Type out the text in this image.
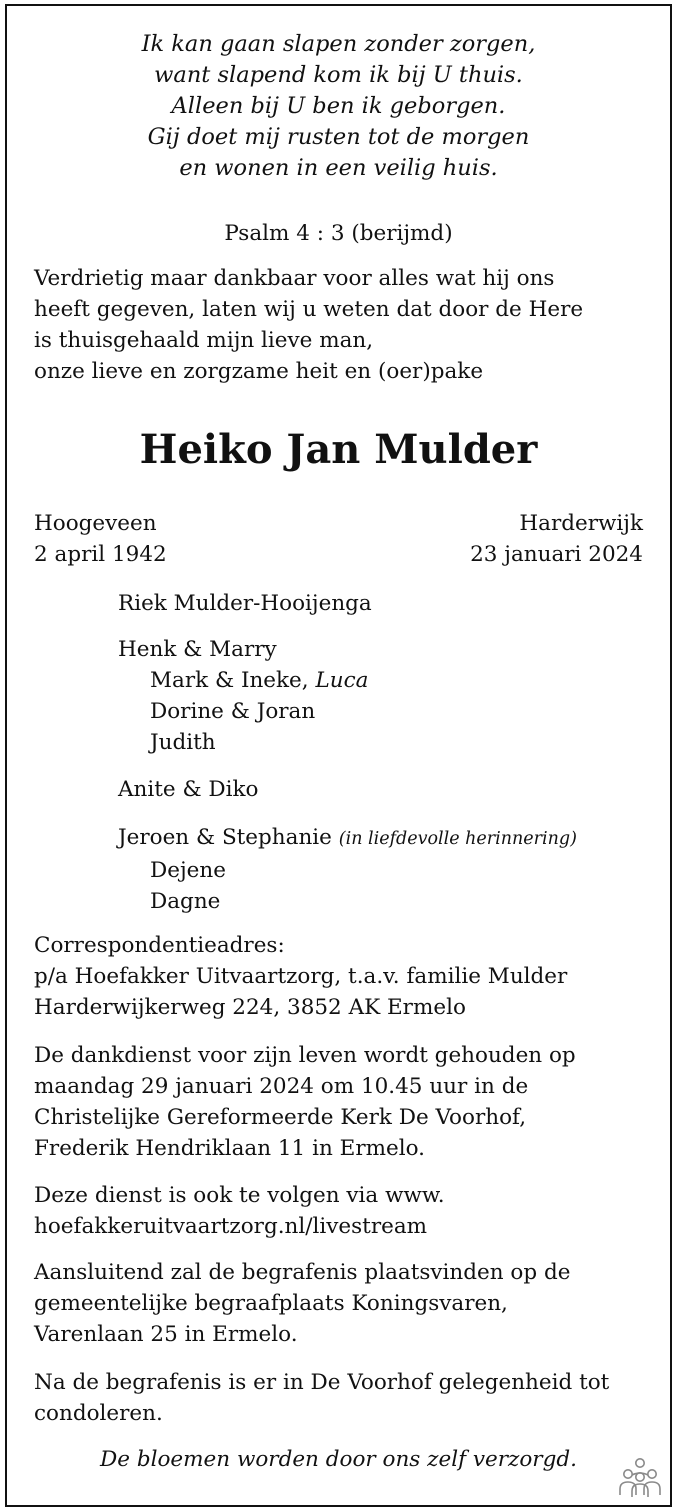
Ik kan gaan slapen zonder zorgen,
want slapend kom ik bij U thuis.
Alleen bij U ben ik geborgen.
Gij doet mij rusten tot de morgen
en wonen in een veilig huis.
Psalm 4 : 3 (berijmd)
Verdrietig maar dankbaar voor alles wat hij ons
heeft gegeven, laten wij u weten dat door de Here
is thuisgehaald mijn lieve man,
onze lieve en zorgzame heit en (oer)pake
Heiko Jan Mulder
Hoogeveen	Harderwijk
2 april 1942	23 januari 2024
Riek Mulder-Hooijenga
Henk & Marry
Mark & Ineke, Luca
Dorine & Joran
Judith
Anite & Diko
Jeroen & Stephanie (in liefdevolle herinnering)
Dejene
Dagne
Correspondentieadres:
p/a Hoefakker Uitvaartzorg, t.a.v. familie Mulder
Harderwijkerweg 224, 3852 AK Ermelo
De dankdienst voor zijn leven wordt gehouden op
maandag 29 januari 2024 om 10.45 uur in de
Christelijke Gereformeerde Kerk De Voorhof,
Frederik Hendriklaan 11 in Ermelo.
Deze dienst is ook te volgen via www.
hoefakkeruitvaartzorg.nl/livestream
Aansluitend zal de begrafenis plaatsvinden op de
gemeentelijke begraafplaats Koningsvaren,
Varenlaan 25 in Ermelo.
Na de begrafenis is er in De Voorhof gelegenheid tot
condoleren.
De bloemen worden door ons zelf verzorgd.
